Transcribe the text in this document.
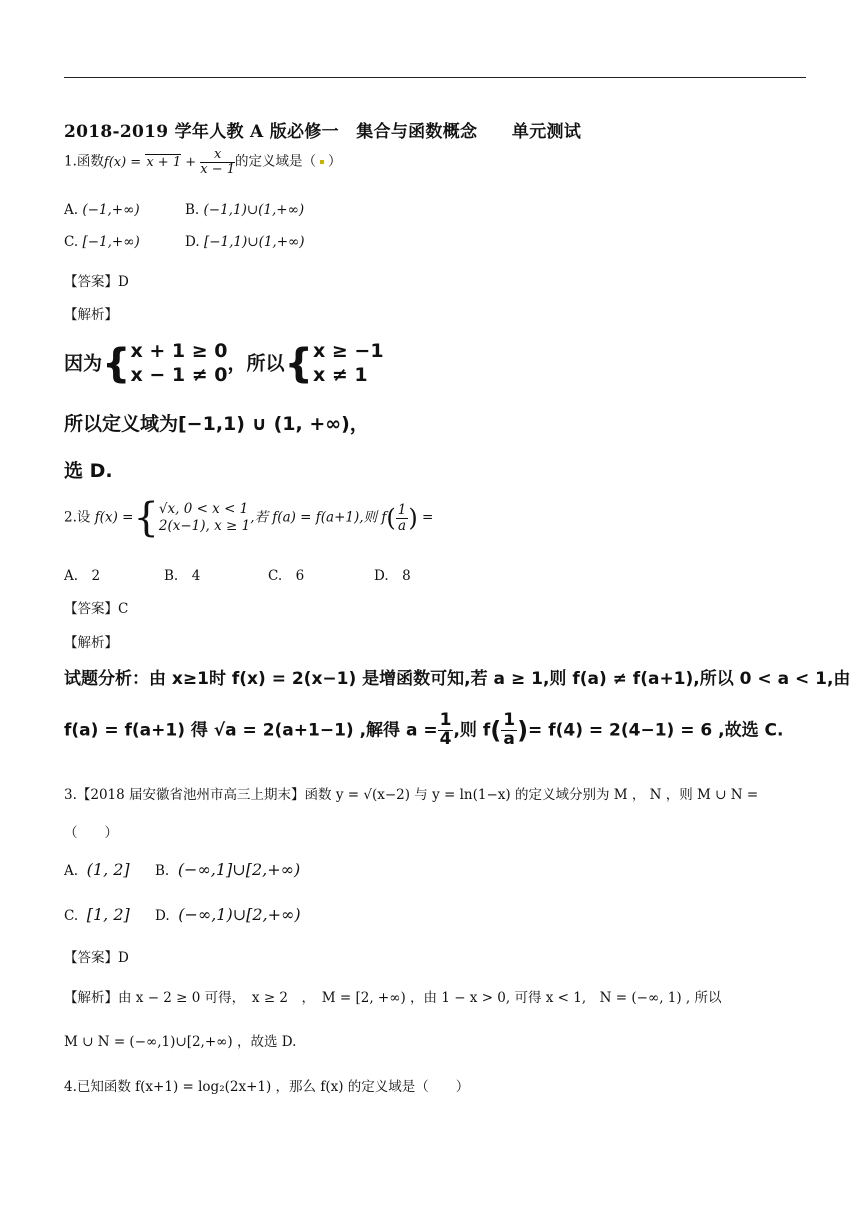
2018-2019 学年人教 A 版必修一　集合与函数概念　　单元测试
1.函数$f(x) = x + 1 + \frac{x}{x - 1}$ 的定义域是（ ）
A. (−1,+∞)	B. (−1,1)∪(1,+∞)
C. [−1,+∞)	D. [−1,1)∪(1,+∞)
【答案】D
【解析】
因为{ x + 1 ≥ 0
x − 1 ≠ 0
，所以{ x ≥ −1
x ≠ 1
所以定义域为[−1,1) ∪ (1, +∞)，
选 D.
2.设 f(x) ={ √x, 0 < x < 1
2(x−1), x ≥ 1
,若 f(a) = f(a+1),则 $f( \frac{1}{a}$ ) =
A.　2	B.　4	C.　6	D.　8
【答案】C
【解析】
试题分析：由 x≥1时 f(x) = 2(x−1) 是增函数可知,若 a ≥ 1,则 f(a) ≠ f(a+1),所以 0 < a < 1,由
f(a) = f(a+1) 得 √a = 2(a+1−1) ,解得 $a = \frac{1}{4}$ ,则 $f( \frac{1}{a}$ )= f(4) = 2(4−1) = 6 ,故选 C.
3.【2018 届安徽省池州市高三上期末】函数 y = √(x−2) 与 y = ln(1−x) 的定义域分别为 M ， N ，则 M ∪ N =
（　　）
A. (1, 2] B. (−∞,1]∪[2,+∞)
C. [1, 2] D. (−∞,1)∪[2,+∞)
【答案】D
【解析】由 x − 2 ≥ 0 可得，　x ≥ 2　，　M = [2, +∞) ，由 1 − x > 0, 可得 x < 1,　N = (−∞, 1) , 所以
M ∪ N = (−∞,1)∪[2,+∞) ，故选 D.
4.已知函数 f(x+1) = log₂(2x+1) ，那么 f(x) 的定义域是（　　）
